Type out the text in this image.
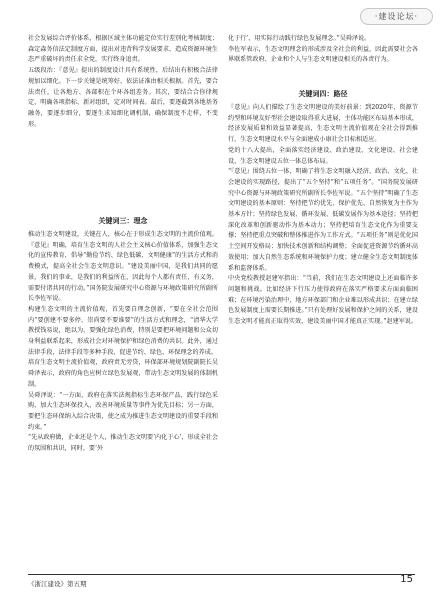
·建设论坛·
社会发展综合评价体系，根据区域主体功能定位实行差别化考核制度；森定森务信法定制度方面，提出对违背科学发展要求、造成资源环境生态严重破坏的责任求全党，实行终身追责。
五级段治：『意见』提出的制度设计具有系统性，后结出有积极合法律规加以细化。下一步关键是统筹好、依法证准由相关根据。首先，要合法责任，让各地方、各部积在个环各组差务。其次，要结合合你律规定，明确各项指标、新对组织，定对时间表。最后，要逐截到各地基务融务，要逐步细分，要逐生求知细化调机制，确保制度不走样，不变形。
关键词三：理念
推动生态文明建设，关键在人，核心在于形成生态文明的主流价值观。『意见』明确，培育生态文明的人社会主义核心价值体系，加强生态文化的宣传教育，倡导“勤俭节约、绿色低碳、文明健康”的生活方式和消费模式，提高全社会生态文明意识。“建设美丽中国，是我们共同的愿景，我们的事业，是我们的利益所在，因此每个人都有责任，有义务，需要付诸共同的行动。”国务院发展研究中心资源与环境政策研究所副所长李佐军说。
构建生态文明的主流价值观，首先要自理念创新，“要在全社会范围内“要创建不要多停、崇尚要不要谁要”的生活方式和理念，“清华大学教授钱易说，绝以为，要强化绿色消费，特别是要把环境问题和公众切身利益联系起来，形成社会对环境保护和绿色消费的共识。此外，通过法律手段，法律手段等多种手段，促进节约、绿色、环保理念的养成。
培育生态文明主流价值观，政府责无旁贷，环保部环境规划院副院长吴舜泽表示，政府的角色应树立绿色发展观，带动生态文明发展的体制机制。
吴舜泽说：“一方面，政府在落实法规指标生态环保产品，践行绿色采购，加大生态环保投入，改善环境质量等事件为优先目标；另一方面，要把生态环保纳入综合决策，使之成为推进生态文明建设的重要手段和约束。”
“先从政府做，企业还是个人，推动生态文明要‘内化于心’，形成全社会的氛围和共识，同时，要‘外
化于行’，用实际行动践行绿色发展理念。”吴舜泽说。
李佐军表示，生态文明理念的形成涉及全社会的利益，因此需要社会各界联系管政府、企业和个人与生态文明建设相关的各责行为。
关键词四：路径
『意见』向人们描绘了生态文明建设的美好前景：到2020年，资源节约型和环境友好型社会建设取得重大进展，主体功能区布局基本形成，经济发展质量和效益显著提高，生态文明主流价值观在全社会得到推行，生态文明建设水平与全面建成小康社会目标相适应。
党的十八大提出，全面落实经济建设、政治建设、文化建设、社会建设、生态文明建设五位一体总体布局。
“『意见』围绕五位一体，明确了将生态文明融入经济、政治、文化、社会建设的实现路径，提出了“五个坚持”和“五项任务”。“国务院发展研究中心资源与环境政策研究所副所长李佐军说。“五个坚持”明确了生态文明建设的基本原则：坚持把节约优先、保护优先、自然恢复为主作为基本方针；坚持绿色发展、循环发展、低碳发展作为基本途径；坚持把深化改革和创新驱动作为基本动力；坚持把培育生态文化作为重要支撑；坚持把重点突破和整体推进作为工作方式。“五项任务”则是优化国土空间开发格局；加快技术创新和结构调整；全面促进资源节约循环高效使用；加大自然生态系统和环境保护力度；建立健全生态文明制度体系和监督体系。
中央党校教授赵建军指出：“当前，我们在生态文明建设上还面临许多问题和挑战。比如经济下行压力使得政府在落实严格要求方面面临困难；在环境污染治理中，地方环保部门和企业难以形成共识；在建立绿色发展制度上需要长期推进。”只有处理好发展和保护之间的关系，建设生态文明才能真正取得实效，建设美丽中国才能真正实现。”赵建军说。
《浙江建设》第五期	15
